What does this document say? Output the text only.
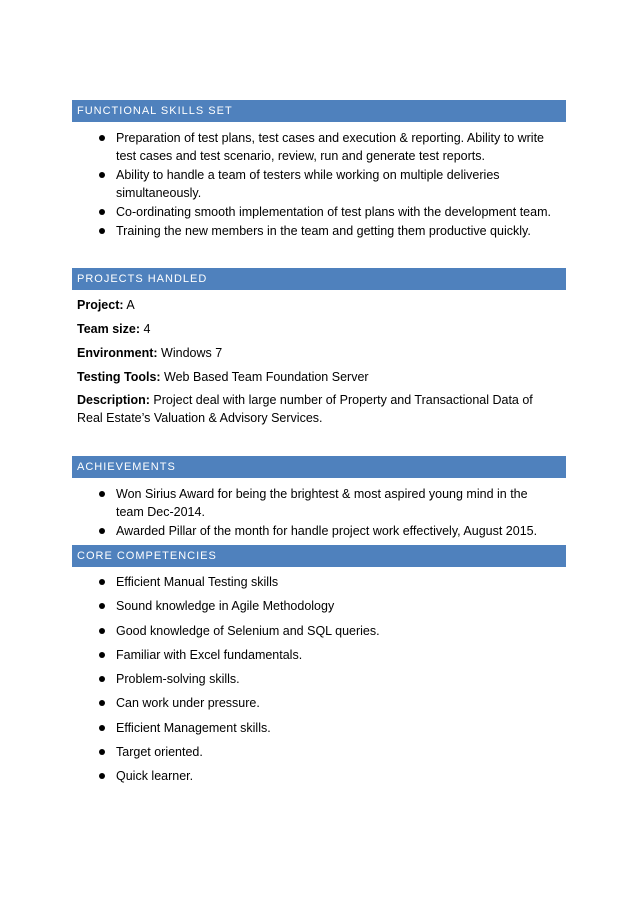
FUNCTIONAL SKILLS SET
Preparation of test plans, test cases and execution & reporting. Ability to write test cases and test scenario, review, run and generate test reports.
Ability to handle a team of testers while working on multiple deliveries simultaneously.
Co-ordinating smooth implementation of test plans with the development team.
Training the new members in the team and getting them productive quickly.
PROJECTS HANDLED
Project: A
Team size: 4
Environment: Windows 7
Testing Tools: Web Based Team Foundation Server
Description: Project deal with large number of Property and Transactional Data of Real Estate’s Valuation & Advisory Services.
ACHIEVEMENTS
Won Sirius Award for being the brightest & most aspired young mind in the team Dec-2014.
Awarded Pillar of the month for handle project work effectively, August 2015.
CORE COMPETENCIES
Efficient Manual Testing skills
Sound knowledge in Agile Methodology
Good knowledge of Selenium and SQL queries.
Familiar with Excel fundamentals.
Problem-solving skills.
Can work under pressure.
Efficient Management skills.
Target oriented.
Quick learner.
